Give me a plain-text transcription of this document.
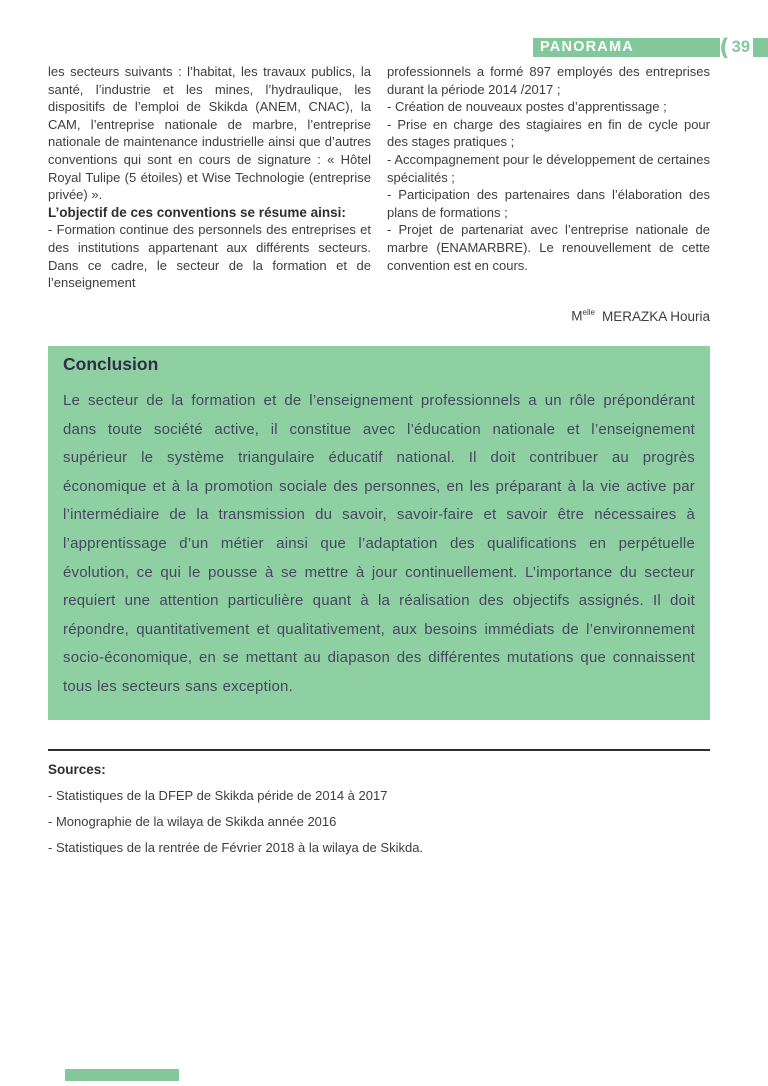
PANORAMA	( 39

les secteurs suivants : l’habitat, les travaux publics, la santé, l’industrie et les mines, l’hydraulique, les dispositifs de l’emploi de Skikda (ANEM, CNAC), la CAM, l’entreprise nationale de marbre, l’entreprise nationale de maintenance industrielle ainsi que d’autres conventions qui sont en cours de signature : « Hôtel Royal Tulipe (5 étoiles) et Wise Technologie (entreprise privée) ».

L’objectif de ces conventions se résume ainsi:

- Formation continue des personnels des entreprises et des institutions appartenant aux différents secteurs. Dans ce cadre, le secteur de la formation et de l’enseignement

professionnels a formé 897 employés des entreprises durant la période 2014 /2017 ;

- Création de nouveaux postes d’apprentissage ;

- Prise en charge des stagiaires en fin de cycle pour des stages pratiques ;

- Accompagnement pour le développement de certaines spécialités ;

- Participation des partenaires dans l’élaboration des plans de formations ;

- Projet de partenariat avec l’entreprise nationale de marbre (ENAMARBRE). Le renouvellement de cette convention est en cours.

$M^{elle}$ MERAZKA Houria

Conclusion

Le secteur de la formation et de l’enseignement professionnels a un rôle prépondérant dans toute société active, il constitue avec l’éducation nationale et l’enseignement supérieur le système triangulaire éducatif national. Il doit contribuer au progrès économique et à la promotion sociale des personnes, en les préparant à la vie active par l’intermédiaire de la transmission du savoir, savoir-faire et savoir être nécessaires à l’apprentissage d’un métier ainsi que l’adaptation des qualifications en perpétuelle évolution, ce qui le pousse à se mettre à jour continuellement. L’importance du secteur requiert une attention particulière quant à la réalisation des objectifs assignés. Il doit répondre, quantitativement et qualitativement, aux besoins immédiats de l’environnement socio-économique, en se mettant au diapason des différentes mutations que connaissent tous les secteurs sans exception.

Sources:

- Statistiques de la DFEP de Skikda péride de 2014 à 2017

- Monographie de la wilaya de Skikda année 2016

- Statistiques de la rentrée de Février 2018 à la wilaya de Skikda.
